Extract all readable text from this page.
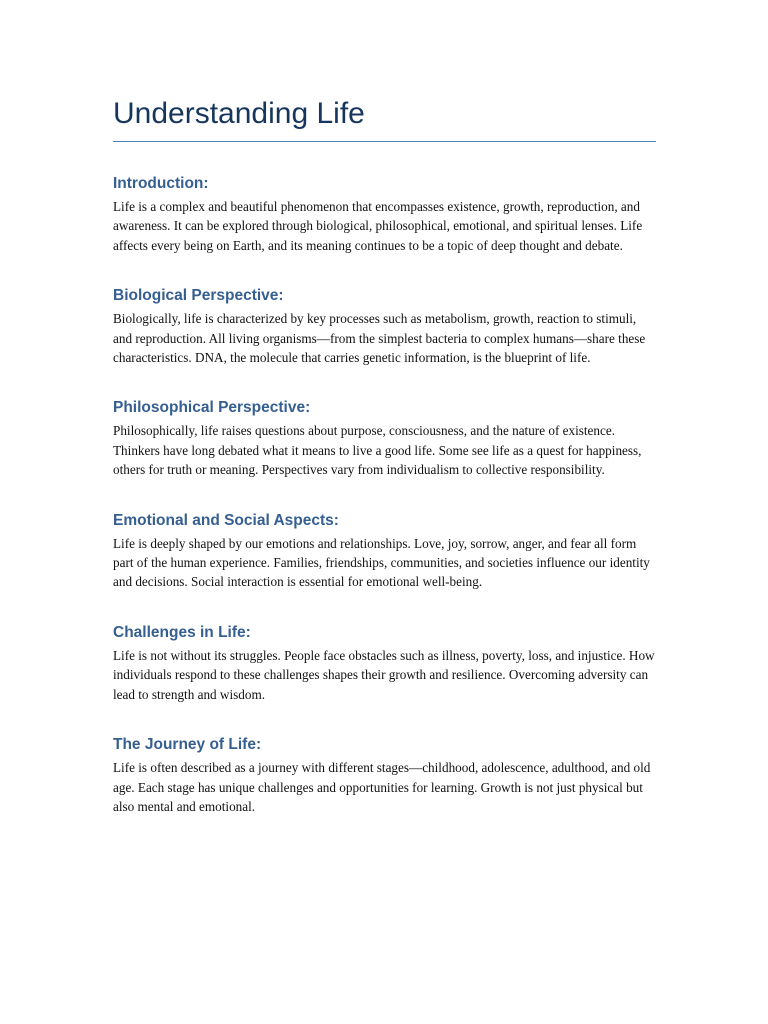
Understanding Life
Introduction:

Life is a complex and beautiful phenomenon that encompasses existence, growth, reproduction, and awareness. It can be explored through biological, philosophical, emotional, and spiritual lenses. Life affects every being on Earth, and its meaning continues to be a topic of deep thought and debate.

Biological Perspective:

Biologically, life is characterized by key processes such as metabolism, growth, reaction to stimuli, and reproduction. All living organisms—from the simplest bacteria to complex humans—share these characteristics. DNA, the molecule that carries genetic information, is the blueprint of life.

Philosophical Perspective:

Philosophically, life raises questions about purpose, consciousness, and the nature of existence. Thinkers have long debated what it means to live a good life. Some see life as a quest for happiness, others for truth or meaning. Perspectives vary from individualism to collective responsibility.

Emotional and Social Aspects:

Life is deeply shaped by our emotions and relationships. Love, joy, sorrow, anger, and fear all form part of the human experience. Families, friendships, communities, and societies influence our identity and decisions. Social interaction is essential for emotional well-being.

Challenges in Life:

Life is not without its struggles. People face obstacles such as illness, poverty, loss, and injustice. How individuals respond to these challenges shapes their growth and resilience. Overcoming adversity can lead to strength and wisdom.

The Journey of Life:

Life is often described as a journey with different stages—childhood, adolescence, adulthood, and old age. Each stage has unique challenges and opportunities for learning. Growth is not just physical but also mental and emotional.
